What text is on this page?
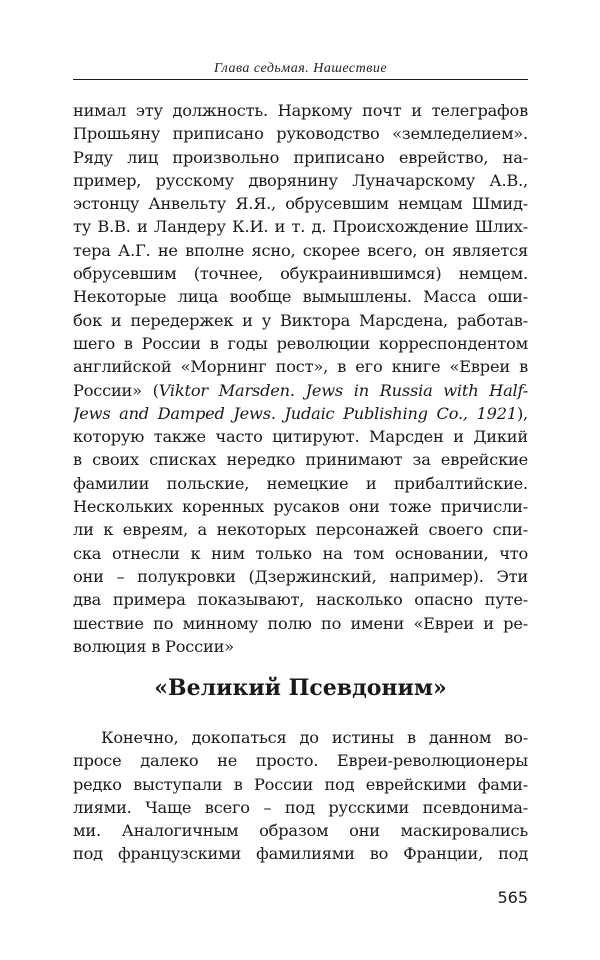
Глава седьмая. Нашествие
нимал эту должность. Наркому почт и телеграфов
Прошьяну приписано руководство «земледелием».
Ряду лиц произвольно приписано еврейство, на-
пример, русскому дворянину Луначарскому А.В.,
эстонцу Анвельту Я.Я., обрусевшим немцам Шмид-
ту В.В. и Ландеру К.И. и т. д. Происхождение Шлих-
тера А.Г. не вполне ясно, скорее всего, он является
обрусевшим (точнее, обукраинившимся) немцем.
Некоторые лица вообще вымышлены. Масса оши-
бок и передержек и у Виктора Марсдена, работав-
шего в России в годы революции корреспондентом
английской «Морнинг пост», в его книге «Евреи в
России» (Viktor Marsden. Jews in Russia with Half-
Jews and Damped Jews. Judaic Publishing Co., 1921),
которую также часто цитируют. Марсден и Дикий
в своих списках нередко принимают за еврейские
фамилии польские, немецкие и прибалтийские.
Нескольких коренных русаков они тоже причисли-
ли к евреям, а некоторых персонажей своего спи-
ска отнесли к ним только на том основании, что
они – полукровки (Дзержинский, например). Эти
два примера показывают, насколько опасно путе-
шествие по минному полю по имени «Евреи и ре-
волюция в России»
«Великий Псевдоним»
Конечно, докопаться до истины в данном во-
просе далеко не просто. Евреи-революционеры
редко выступали в России под еврейскими фами-
лиями. Чаще всего – под русскими псевдонима-
ми. Аналогичным образом они маскировались
под французскими фамилиями во Франции, под
565
